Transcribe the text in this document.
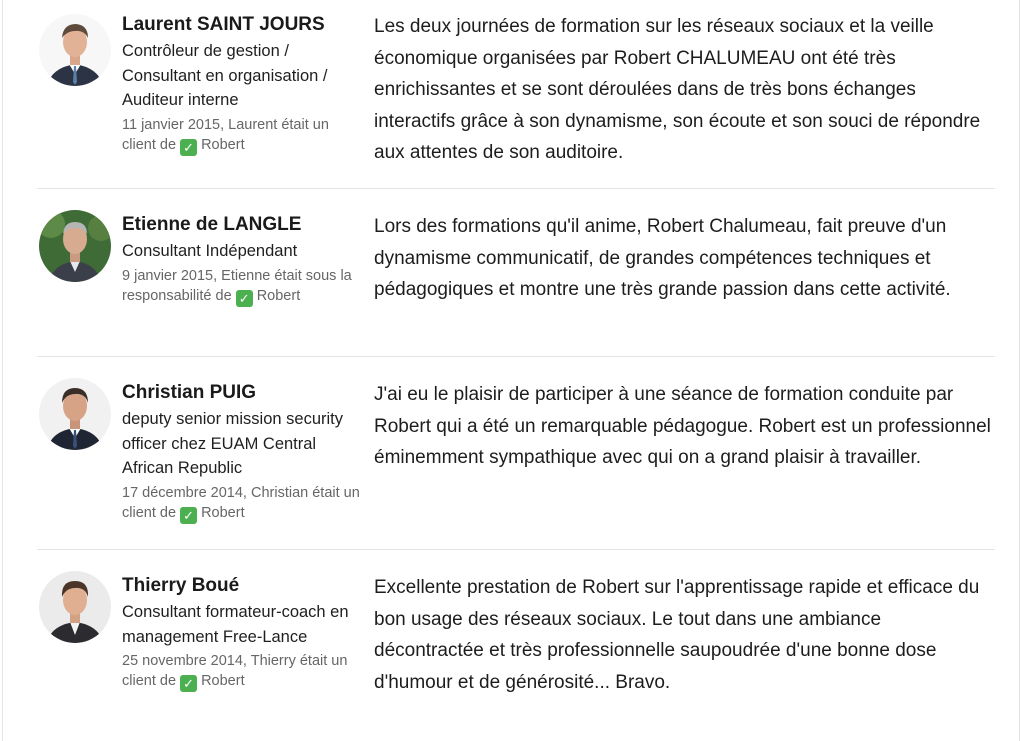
Laurent SAINT JOURS
Contrôleur de gestion / Consultant en organisation / Auditeur interne
11 janvier 2015, Laurent était un client de ✓ Robert
Les deux journées de formation sur les réseaux sociaux et la veille économique organisées par Robert CHALUMEAU ont été très enrichissantes et se sont déroulées dans de très bons échanges interactifs grâce à son dynamisme, son écoute et son souci de répondre aux attentes de son auditoire.
Etienne de LANGLE
Consultant Indépendant
9 janvier 2015, Etienne était sous la responsabilité de ✓ Robert
Lors des formations qu'il anime, Robert Chalumeau, fait preuve d'un dynamisme communicatif, de grandes compétences techniques et pédagogiques et montre une très grande passion dans cette activité.
Christian PUIG
deputy senior mission security officer chez EUAM Central African Republic
17 décembre 2014, Christian était un client de ✓ Robert
J'ai eu le plaisir de participer à une séance de formation conduite par Robert qui a été un remarquable pédagogue. Robert est un professionnel éminemment sympathique avec qui on a grand plaisir à travailler.
Thierry Boué
Consultant formateur-coach en management Free-Lance
25 novembre 2014, Thierry était un client de ✓ Robert
Excellente prestation de Robert sur l'apprentissage rapide et efficace du bon usage des réseaux sociaux. Le tout dans une ambiance décontractée et très professionnelle saupoudrée d'une bonne dose d'humour et de générosité... Bravo.
